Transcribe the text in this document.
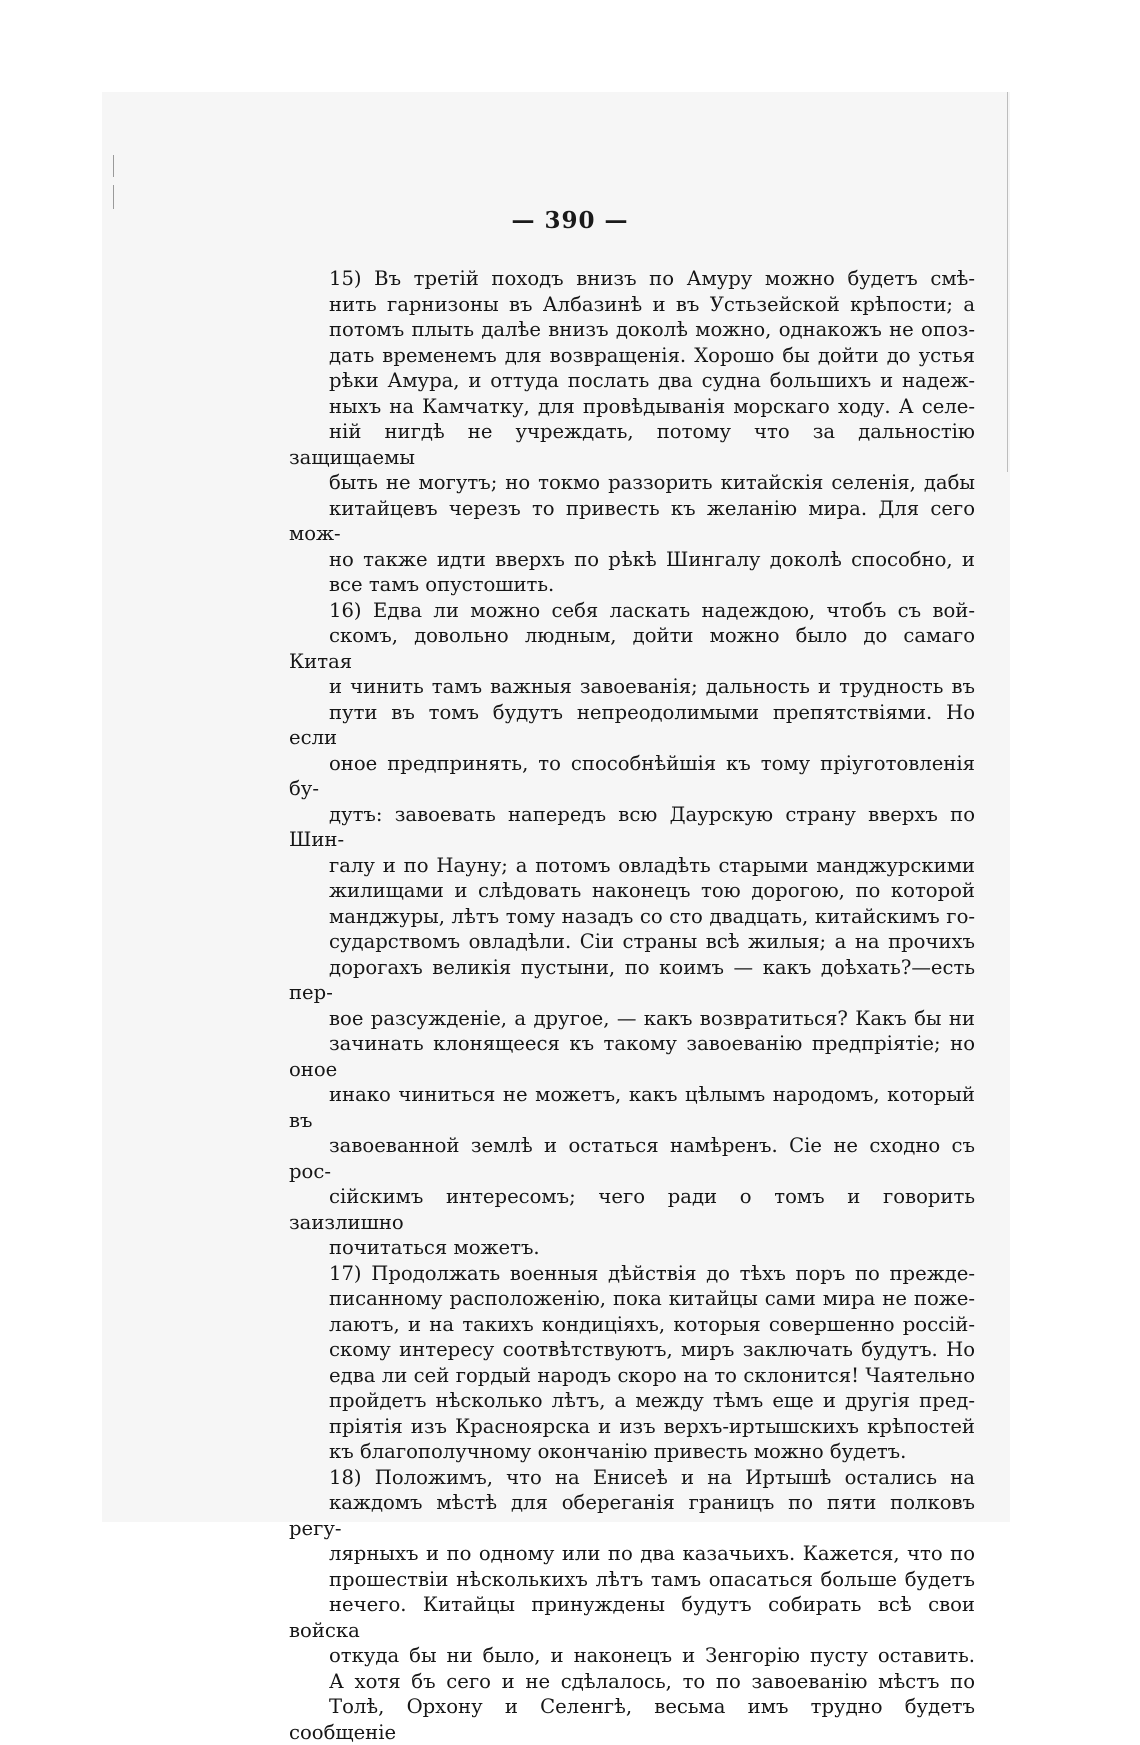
— 390 —
15) Въ третій походъ внизъ по Амуру можно будетъ смѣ-
нить гарнизоны въ Албазинѣ и въ Устьзейской крѣпости; а
потомъ плыть далѣе внизъ доколѣ можно, однакожъ не опоз-
дать временемъ для возвращенія. Хорошо бы дойти до устья
рѣки Амура, и оттуда послать два судна большихъ и надеж-
ныхъ на Камчатку, для провѣдыванія морскаго ходу. А селе-
ній нигдѣ не учреждать, потому что за дальностію защищаемы
быть не могутъ; но токмо раззорить китайскія селенія, дабы
китайцевъ черезъ то привесть къ желанію мира. Для сего мож-
но также идти вверхъ по рѣкѣ Шингалу доколѣ способно, и
все тамъ опустошить.
16) Едва ли можно себя ласкать надеждою, чтобъ съ вой-
скомъ, довольно людным, дойти можно было до самаго Китая
и чинить тамъ важныя завоеванія; дальность и трудность въ
пути въ томъ будутъ непреодолимыми препятствіями. Но если
оное предпринять, то способнѣйшія къ тому пріуготовленія бу-
дутъ: завоевать напередъ всю Даурскую страну вверхъ по Шин-
галу и по Науну; а потомъ овладѣть старыми манджурскими
жилищами и слѣдовать наконецъ тою дорогою, по которой
манджуры, лѣтъ тому назадъ со сто двадцать, китайскимъ го-
сударствомъ овладѣли. Сіи страны всѣ жилыя; а на прочихъ
дорогахъ великія пустыни, по коимъ — какъ доѣхать?—есть пер-
вое разсужденіе, а другое, — какъ возвратиться? Какъ бы ни
зачинать клонящееся къ такому завоеванію предпріятіе; но оное
инако чиниться не можетъ, какъ цѣлымъ народомъ, который въ
завоеванной землѣ и остаться намѣренъ. Сіе не сходно съ рос-
сійскимъ интересомъ; чего ради о томъ и говорить заизлишно
почитаться можетъ.
17) Продолжать военныя дѣйствія до тѣхъ поръ по прежде-
писанному расположенію, пока китайцы сами мира не поже-
лаютъ, и на такихъ кондиціяхъ, которыя совершенно россій-
скому интересу соотвѣтствуютъ, миръ заключать будутъ. Но
едва ли сей гордый народъ скоро на то склонится! Чаятельно
пройдетъ нѣсколько лѣтъ, а между тѣмъ еще и другія пред-
пріятія изъ Красноярска и изъ верхъ-иртышскихъ крѣпостей
къ благополучному окончанію привесть можно будетъ.
18) Положимъ, что на Енисеѣ и на Иртышѣ остались на
каждомъ мѣстѣ для обереганія границъ по пяти полковъ регу-
лярныхъ и по одному или по два казачьихъ. Кажется, что по
прошествіи нѣсколькихъ лѣтъ тамъ опасаться больше будетъ
нечего. Китайцы принуждены будутъ собирать всѣ свои войска
откуда бы ни было, и наконецъ и Зенгорію пусту оставить.
А хотя бъ сего и не сдѣлалось, то по завоеванію мѣстъ по
Толѣ, Орхону и Селенгѣ, весьма имъ трудно будетъ сообщеніе
